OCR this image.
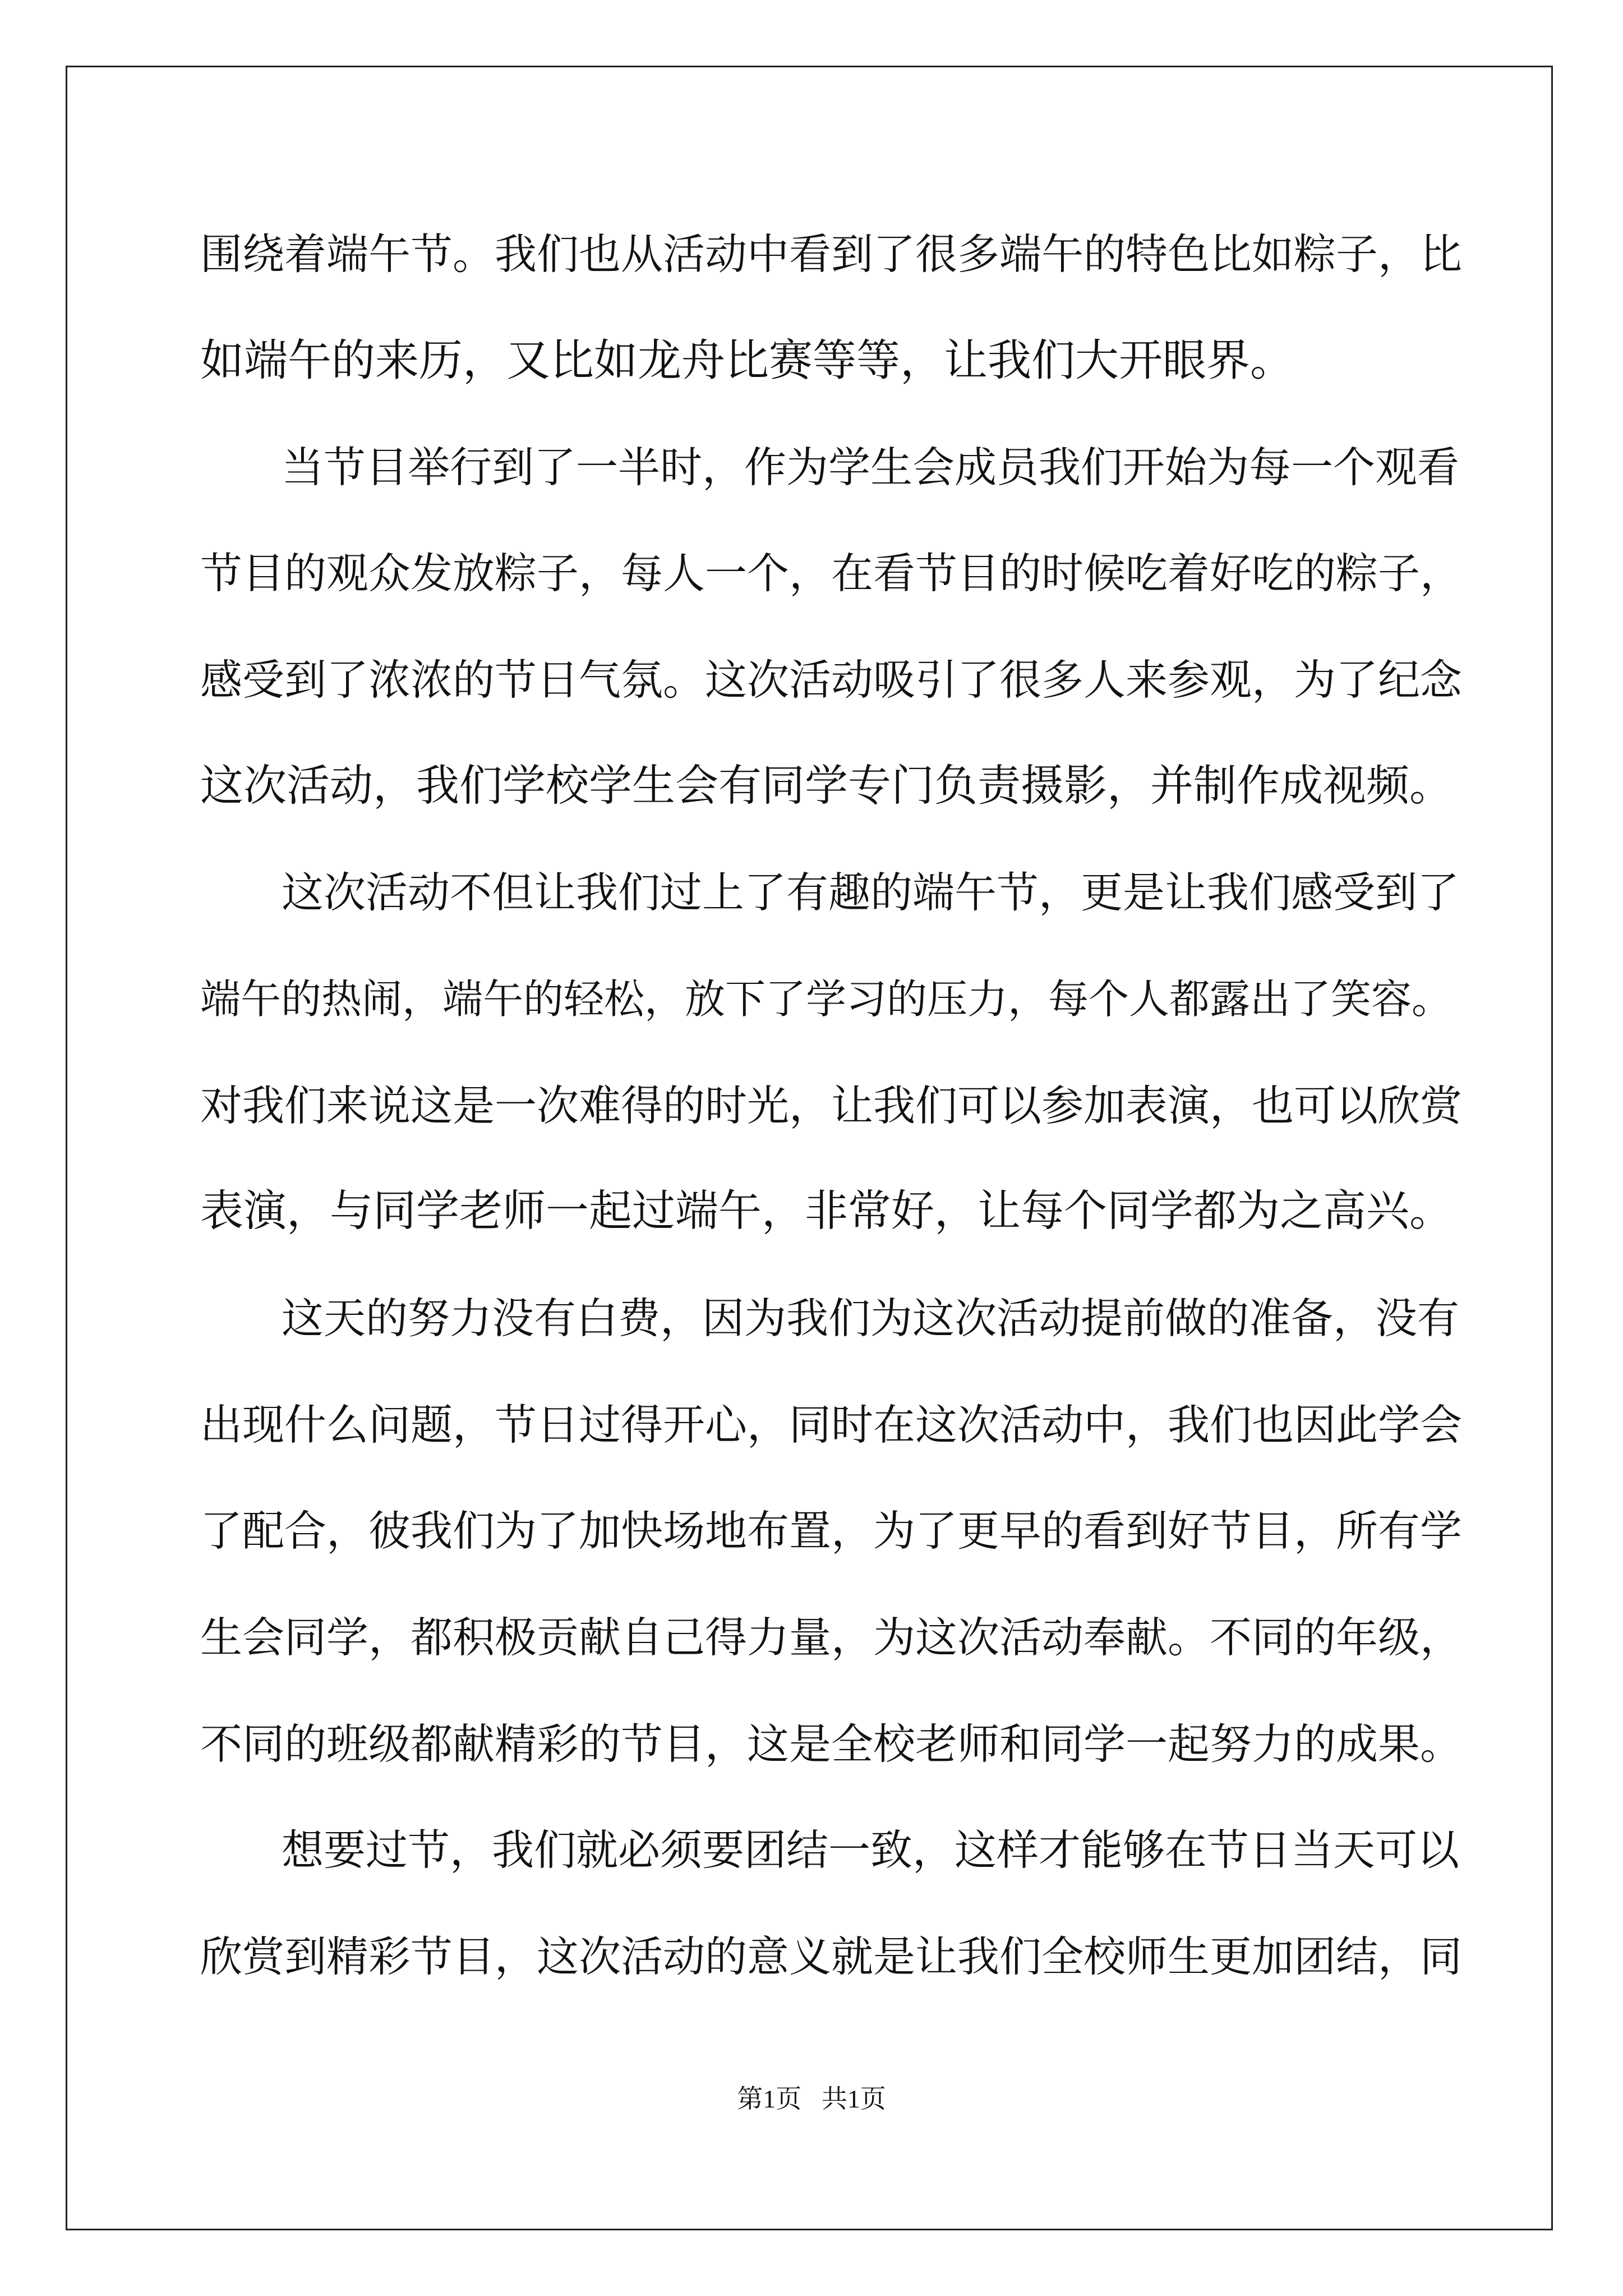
围绕着端午节。我们也从活动中看到了很多端午的特色比如粽子，比
如端午的来历，又比如龙舟比赛等等，让我们大开眼界。
当节目举行到了一半时，作为学生会成员我们开始为每一个观看
节目的观众发放粽子，每人一个，在看节目的时候吃着好吃的粽子，
感受到了浓浓的节日气氛。这次活动吸引了很多人来参观，为了纪念
这次活动，我们学校学生会有同学专门负责摄影，并制作成视频。
这次活动不但让我们过上了有趣的端午节，更是让我们感受到了
端午的热闹，端午的轻松，放下了学习的压力，每个人都露出了笑容。
对我们来说这是一次难得的时光，让我们可以参加表演，也可以欣赏
表演，与同学老师一起过端午，非常好，让每个同学都为之高兴。
这天的努力没有白费，因为我们为这次活动提前做的准备，没有
出现什么问题，节日过得开心，同时在这次活动中，我们也因此学会
了配合，彼我们为了加快场地布置，为了更早的看到好节目，所有学
生会同学，都积极贡献自己得力量，为这次活动奉献。不同的年级，
不同的班级都献精彩的节目，这是全校老师和同学一起努力的成果。
想要过节，我们就必须要团结一致，这样才能够在节日当天可以
欣赏到精彩节目，这次活动的意义就是让我们全校师生更加团结，同
第1页 共1页
